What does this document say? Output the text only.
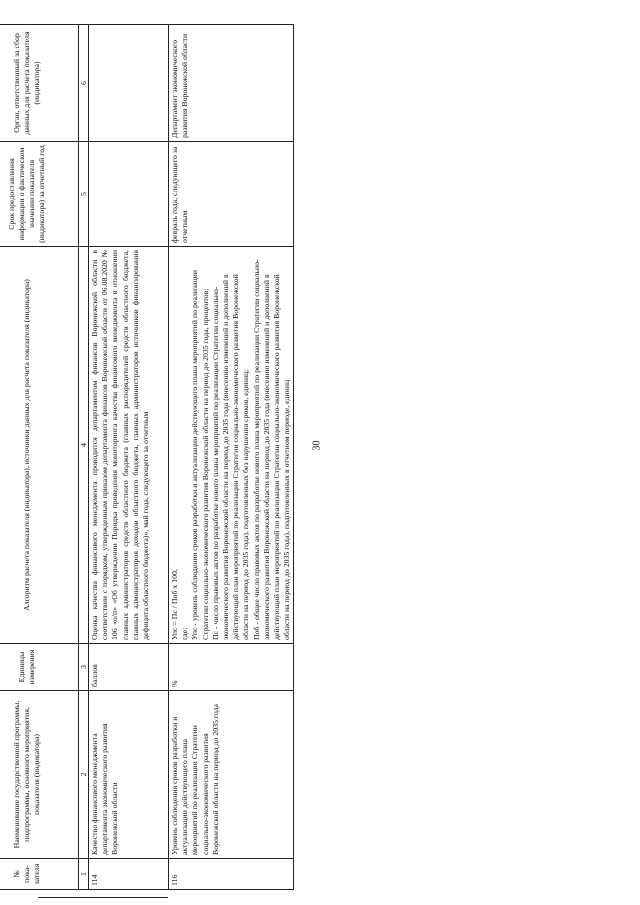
30
№ пока-зателя	Наименование государственной программы, подпрограммы, основного мероприятия, показателя (индикатора)	Единицы измерения	Алгоритм расчета показателя (индикатора), источники данных для расчета показателя (индикатора)	Срок предоставления информации о фактическом значении показателя (индикатора) за отчетный год	Орган, ответственный за сбор данных для расчета показателя (индикатора)
1	2	3	4	5	6
114	Качество финансового менеджмента департамента экономического развития Воронежской области	баллов	Оценка качества финансового менеджмента проводится департаментом финансов Воронежской области в соответствии с порядком, утвержденным приказом департамента финансов Воронежской области от 06.08.2020 № 106 «о/п» «Об утверждении Порядка проведения мониторинга качества финансового менеджмента в отношении главных администраторов средств областного бюджета (главных распорядителей средств областного бюджета, главных администраторов доходов областного бюджета, главных администраторов источников финансирования дефицита областного бюджета)», май года, следующего за отчетным		

116	Уровень соблюдения сроков разработки и актуализации действующего плана мероприятий по реализации Стратегии социально-экономического развития Воронежской области на период до 2035 года	%	Упс = Пс / Поб х 100, где: Упс - уровень соблюдения сроков разработки и актуализации действующего плана мероприятий по реализации Стратегии социально-экономического развития Воронежской области на период до 2035 года, процентов; Пс - число правовых актов по разработке нового плана мероприятий по реализации Стратегии социально-экономического развития Воронежской области на период до 2035 года (внесению изменений и дополнений в действующий план мероприятий по реализации Стратегии социально-экономического развития Воронежской области на период до 2035 года), подготовленных без нарушения сроков, единиц; Поб - общее число правовых актов по разработке нового плана мероприятий по реализации Стратегии социально-экономического развития Воронежской области на период до 2035 года (внесению изменений и дополнений в действующий план мероприятий по реализации Стратегии социально-экономического развития Воронежской области на период до 2035 года), подготовленных в отчетном периоде, единиц	февраль года, следующего за отчетным	Департамент экономического развития Воронежской области
